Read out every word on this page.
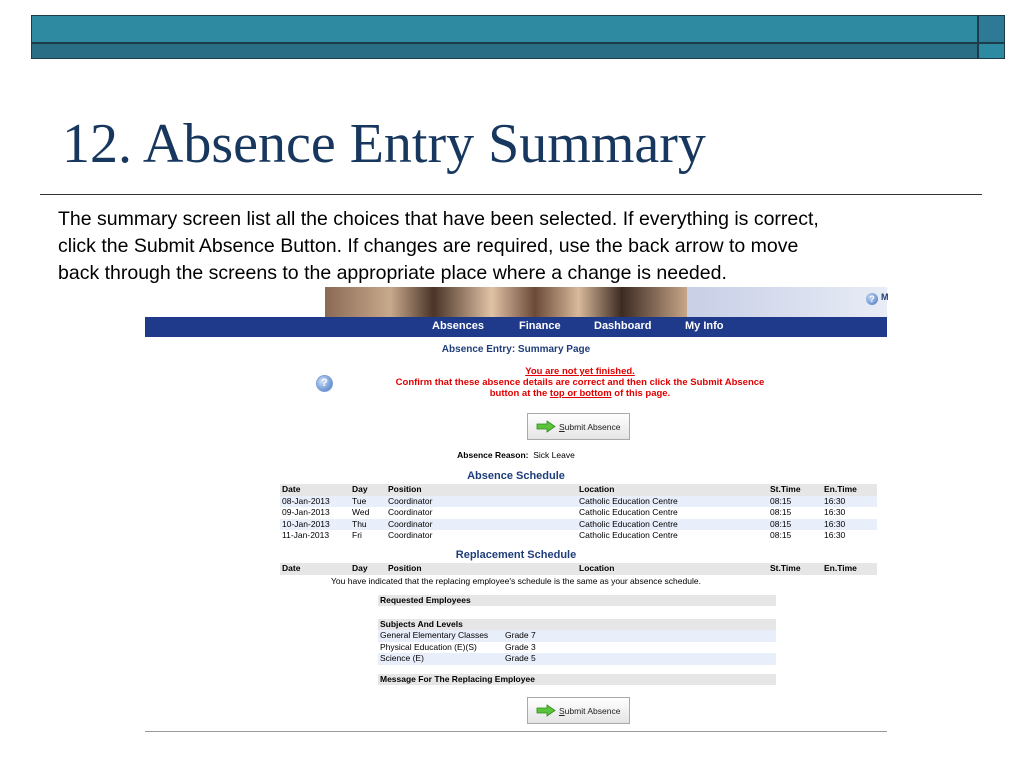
12. Absence Entry Summary
The summary screen list all the choices that have been selected. If everything is correct,
click the Submit Absence Button. If changes are required, use the back arrow to move
back through the screens to the appropriate place where a change is needed.
? M
Absences	Finance	Dashboard	My Info
Absence Entry: Summary Page
?
You are not yet finished.
Confirm that these absence details are correct and then click the Submit Absence
button at the top or bottom of this page.
Submit Absence
Absence Reason: Sick Leave
Absence Schedule
Date	Day Position	Location	St.Time	En.Time
08-Jan-2013	Tue	Coordinator	Catholic Education Centre	08:15	16:30
09-Jan-2013	Wed Coordinator	Catholic Education Centre	08:15	16:30
10-Jan-2013	Thu	Coordinator	Catholic Education Centre	08:15	16:30
11-Jan-2013	Fri	Coordinator	Catholic Education Centre	08:15	16:30
Replacement Schedule
Date	Day Position	Location	St.Time	En.Time
You have indicated that the replacing employee's schedule is the same as your absence schedule.
Requested Employees
Subjects And Levels
General Elementary Classes Grade 7
Physical Education (E)(S)	Grade 3
Science (E)	Grade 5
Message For The Replacing Employee
Submit Absence
